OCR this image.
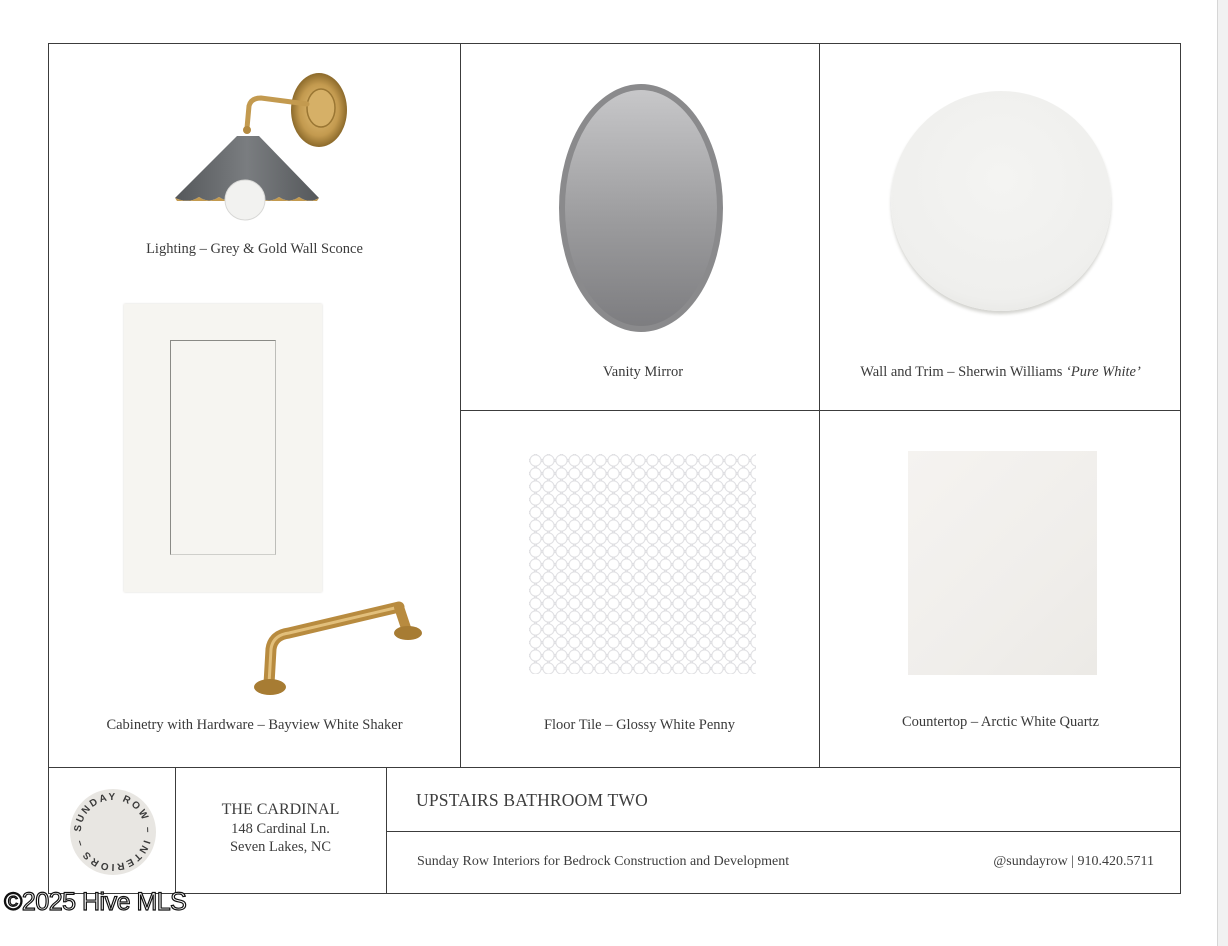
Lighting – Grey & Gold Wall Sconce
Cabinetry with Hardware – Bayview White Shaker
Vanity Mirror	Wall and Trim – Sherwin Williams ‘Pure White’
Floor Tile – Glossy White Penny	Countertop – Arctic White Quartz
SUNDAY ROW – INTERIORS –
THE CARDINAL
148 Cardinal Ln.
Seven Lakes, NC
UPSTAIRS BATHROOM TWO
Sunday Row Interiors for Bedrock Construction and Development	@sundayrow | 910.420.5711
©2025 Hive MLS
